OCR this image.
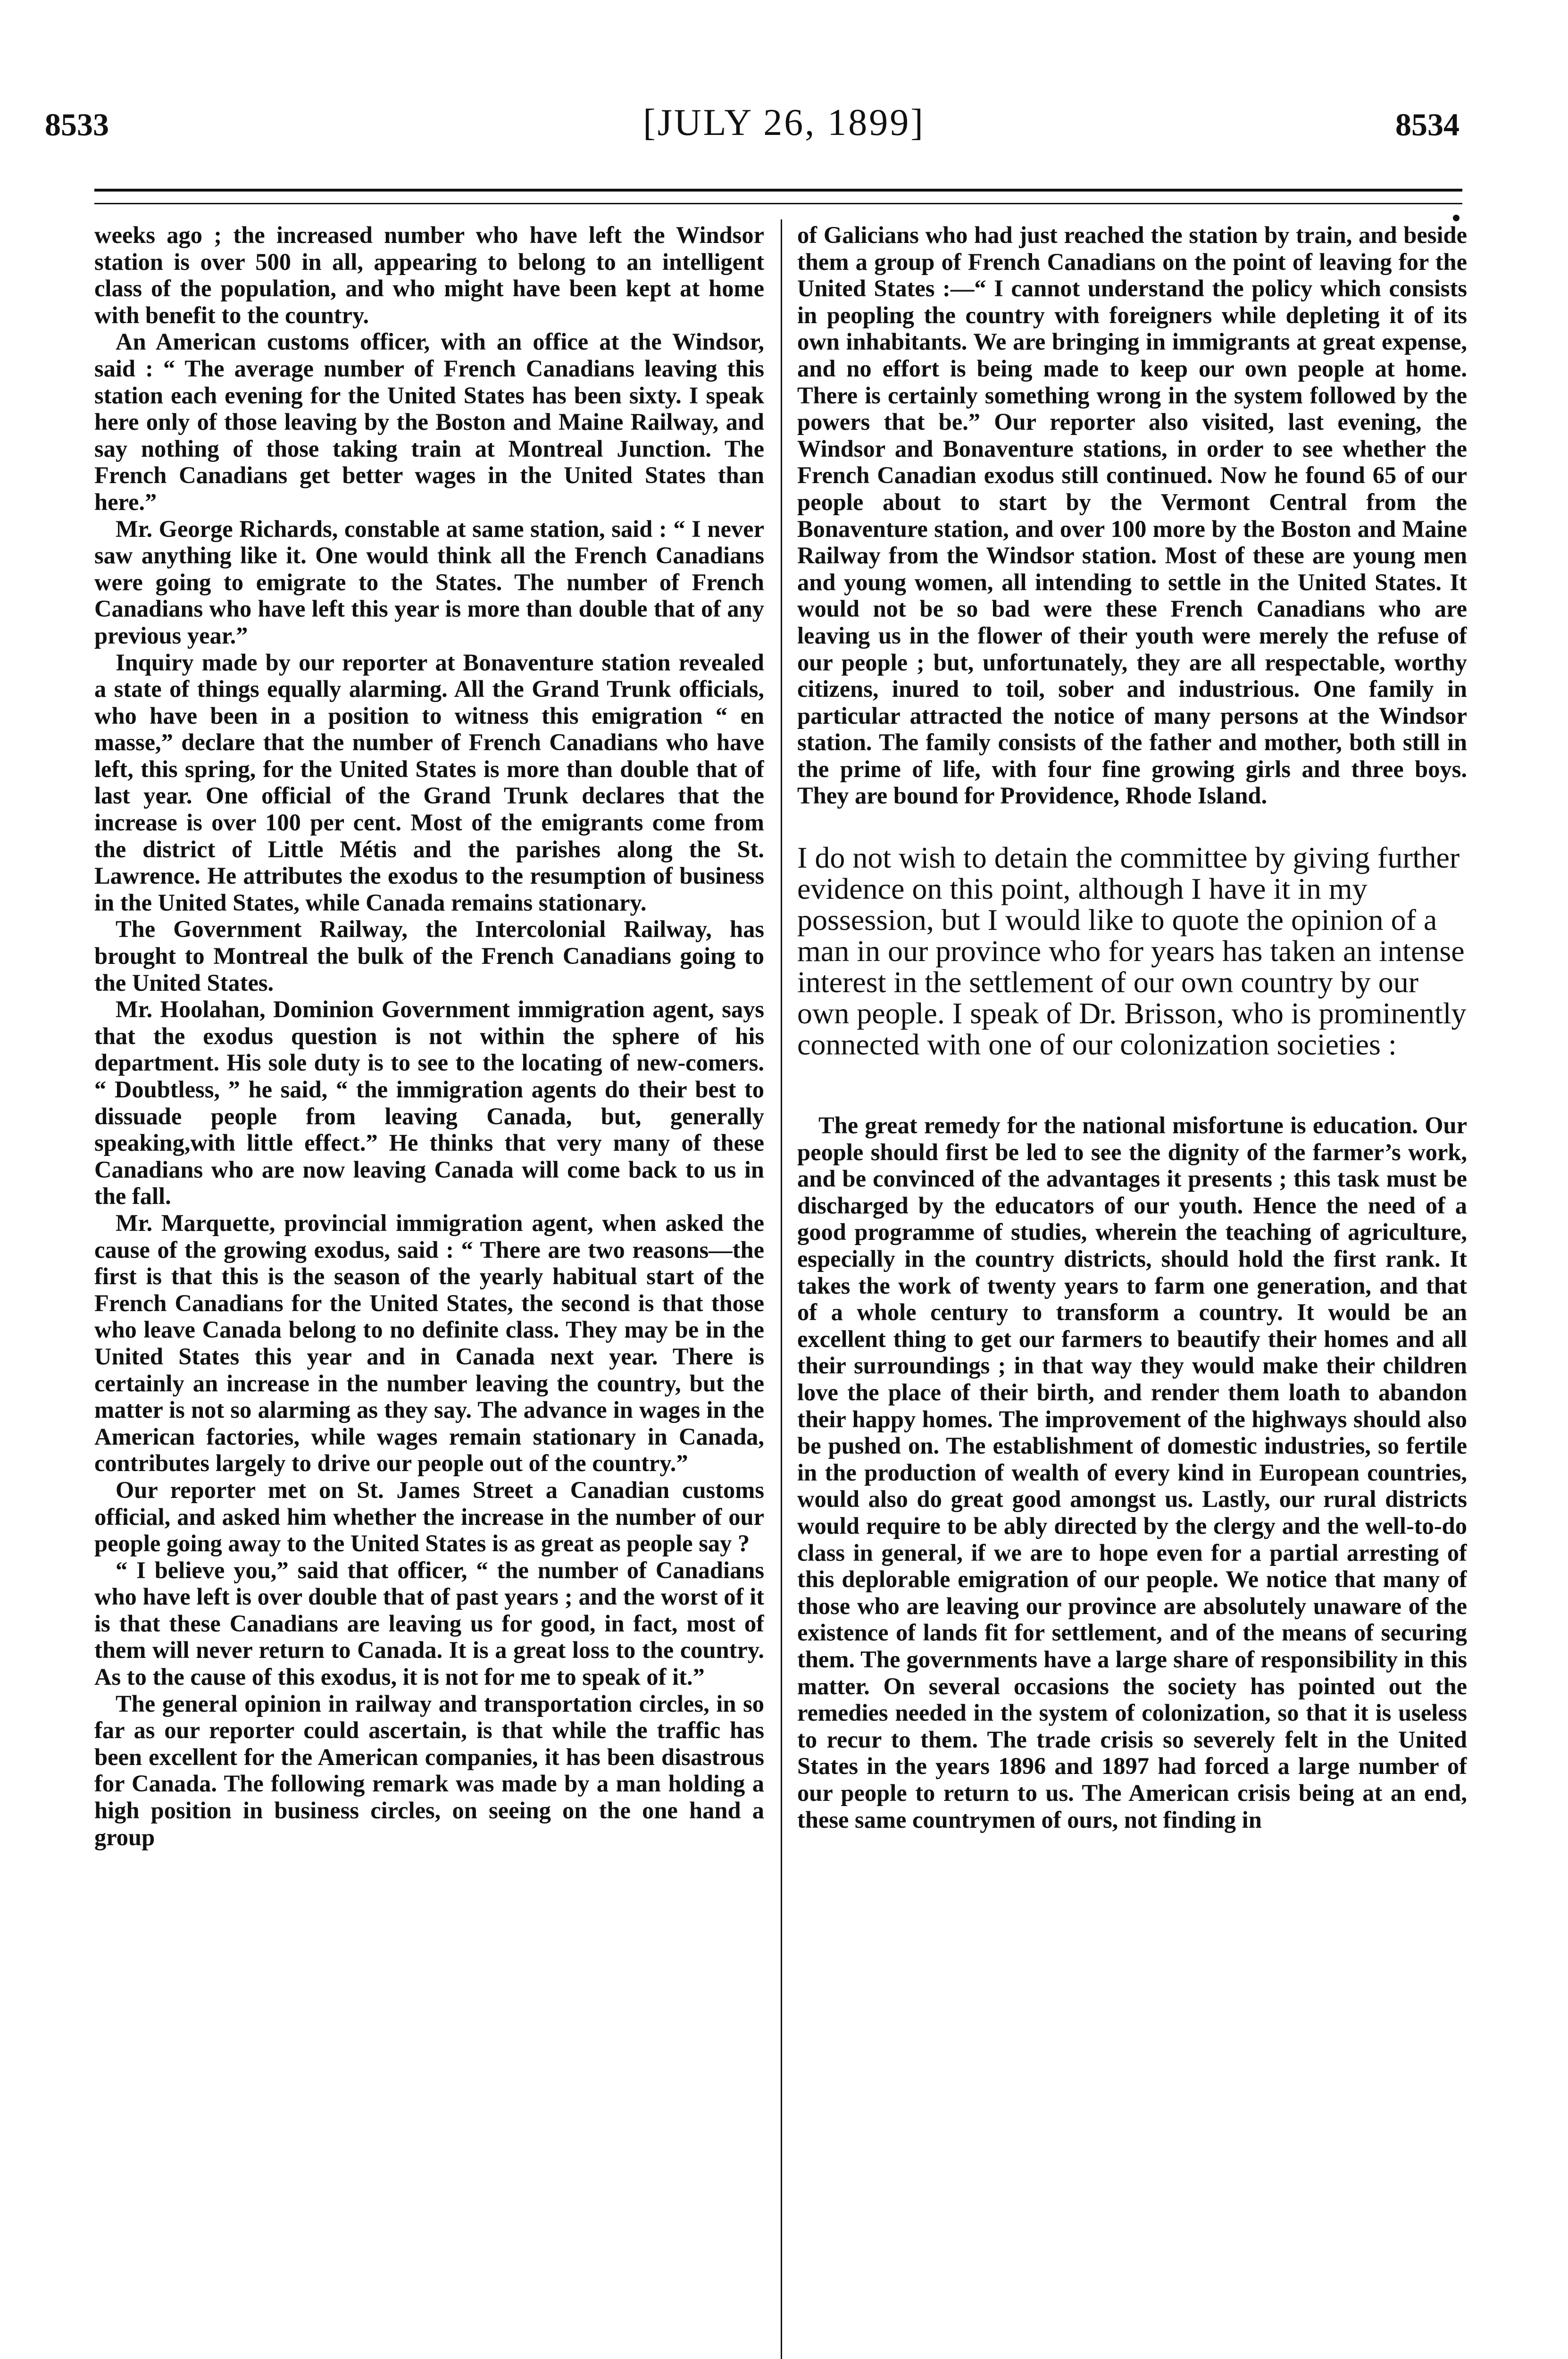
8533	[JULY 26, 1899]	8534

weeks ago ; the increased number who have left the Windsor station is over 500 in all, appearing to belong to an intelligent class of the population, and who might have been kept at home with benefit to the country.

An American customs officer, with an office at the Windsor, said : “ The average number of French Canadians leaving this station each evening for the United States has been sixty. I speak here only of those leaving by the Boston and Maine Railway, and say nothing of those taking train at Montreal Junction. The French Canadians get better wages in the United States than here.”

Mr. George Richards, constable at same station, said : “ I never saw anything like it. One would think all the French Canadians were going to emigrate to the States. The number of French Canadians who have left this year is more than double that of any previous year.”

Inquiry made by our reporter at Bonaventure station revealed a state of things equally alarming. All the Grand Trunk officials, who have been in a position to witness this emigration “ en masse,” declare that the number of French Canadians who have left, this spring, for the United States is more than double that of last year. One official of the Grand Trunk declares that the increase is over 100 per cent. Most of the emigrants come from the district of Little Métis and the parishes along the St. Lawrence. He attributes the exodus to the resumption of business in the United States, while Canada remains stationary.

The Government Railway, the Intercolonial Railway, has brought to Montreal the bulk of the French Canadians going to the United States.

Mr. Hoolahan, Dominion Government immigration agent, says that the exodus question is not within the sphere of his department. His sole duty is to see to the locating of new-comers. “ Doubtless, ” he said, “ the immigration agents do their best to dissuade people from leaving Canada, but, generally speaking,with little effect.” He thinks that very many of these Canadians who are now leaving Canada will come back to us in the fall.

Mr. Marquette, provincial immigration agent, when asked the cause of the growing exodus, said : “ There are two reasons—the first is that this is the season of the yearly habitual start of the French Canadians for the United States, the second is that those who leave Canada belong to no definite class. They may be in the United States this year and in Canada next year. There is certainly an increase in the number leaving the country, but the matter is not so alarming as they say. The advance in wages in the American factories, while wages remain stationary in Canada, contributes largely to drive our people out of the country.”

Our reporter met on St. James Street a Canadian customs official, and asked him whether the increase in the number of our people going away to the United States is as great as people say ?

“ I believe you,” said that officer, “ the number of Canadians who have left is over double that of past years ; and the worst of it is that these Canadians are leaving us for good, in fact, most of them will never return to Canada. It is a great loss to the country. As to the cause of this exodus, it is not for me to speak of it.”

The general opinion in railway and transportation circles, in so far as our reporter could ascertain, is that while the traffic has been excellent for the American companies, it has been disastrous for Canada. The following remark was made by a man holding a high position in business circles, on seeing on the one hand a group

of Galicians who had just reached the station by train, and beside them a group of French Canadians on the point of leaving for the United States :—“ I cannot understand the policy which consists in peopling the country with foreigners while depleting it of its own inhabitants. We are bringing in immigrants at great expense, and no effort is being made to keep our own people at home. There is certainly something wrong in the system followed by the powers that be.” Our reporter also visited, last evening, the Windsor and Bonaventure stations, in order to see whether the French Canadian exodus still continued. Now he found 65 of our people about to start by the Vermont Central from the Bonaventure station, and over 100 more by the Boston and Maine Railway from the Windsor station. Most of these are young men and young women, all intending to settle in the United States. It would not be so bad were these French Canadians who are leaving us in the flower of their youth were merely the refuse of our people ; but, unfortunately, they are all respectable, worthy citizens, inured to toil, sober and industrious. One family in particular attracted the notice of many persons at the Windsor station. The family consists of the father and mother, both still in the prime of life, with four fine growing girls and three boys. They are bound for Providence, Rhode Island.

I do not wish to detain the committee by giving further evidence on this point, although I have it in my possession, but I would like to quote the opinion of a man in our province who for years has taken an intense interest in the settlement of our own country by our own people. I speak of Dr. Brisson, who is prominently connected with one of our colonization societies :

The great remedy for the national misfortune is education. Our people should first be led to see the dignity of the farmer’s work, and be convinced of the advantages it presents ; this task must be discharged by the educators of our youth. Hence the need of a good programme of studies, wherein the teaching of agriculture, especially in the country districts, should hold the first rank. It takes the work of twenty years to farm one generation, and that of a whole century to transform a country. It would be an excellent thing to get our farmers to beautify their homes and all their surroundings ; in that way they would make their children love the place of their birth, and render them loath to abandon their happy homes. The improvement of the highways should also be pushed on. The establishment of domestic industries, so fertile in the production of wealth of every kind in European countries, would also do great good amongst us. Lastly, our rural districts would require to be ably directed by the clergy and the well-to-do class in general, if we are to hope even for a partial arresting of this deplorable emigration of our people. We notice that many of those who are leaving our province are absolutely unaware of the existence of lands fit for settlement, and of the means of securing them. The governments have a large share of responsibility in this matter. On several occasions the society has pointed out the remedies needed in the system of colonization, so that it is useless to recur to them. The trade crisis so severely felt in the United States in the years 1896 and 1897 had forced a large number of our people to return to us. The American crisis being at an end, these same countrymen of ours, not finding in
